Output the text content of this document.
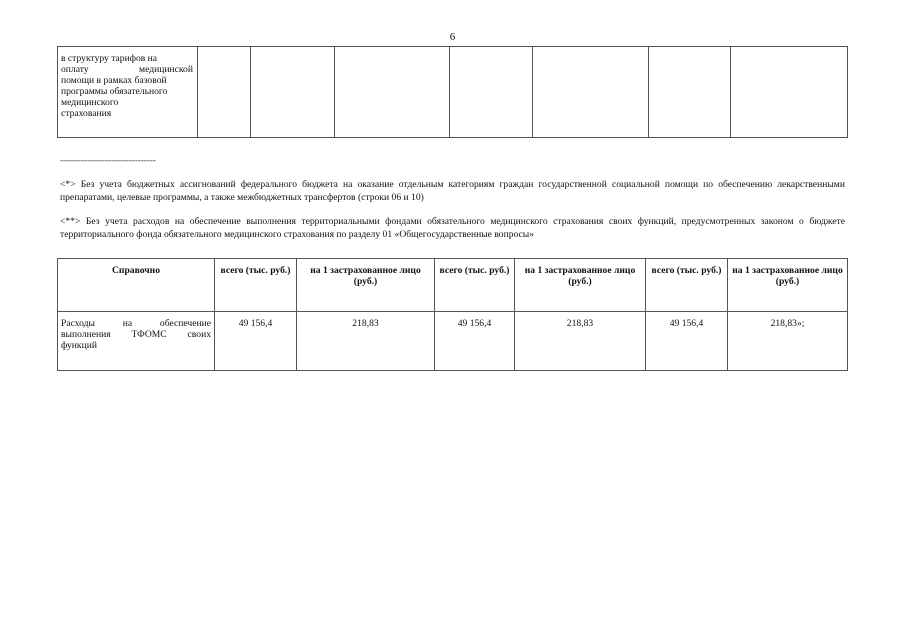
6
в структуру тарифов на
оплату медицинской
помощи в рамках базовой
программы обязательного
медицинского
страхования

--------------------------------
<*> Без учета бюджетных ассигнований федерального бюджета на оказание отдельным категориям граждан государственной социальной помощи по обеспечению лекарственными препаратами, целевые программы, а также межбюджетных трансфертов (строки 06 и 10)
<**> Без учета расходов на обеспечение выполнения территориальными фондами обязательного медицинского страхования своих функций, предусмотренных законом о бюджете территориального фонда обязательного медицинского страхования по разделу 01 «Общегосударственные вопросы»
Справочно	всего (тыс. руб.)	на 1 застрахованное лицо (руб.)	всего (тыс. руб.)	на 1 застрахованное лицо (руб.)	всего (тыс. руб.)	на 1 застрахованное лицо (руб.)
Расходы на обеспечение выполнения ТФОМС своих функций	49 156,4	218,83	49 156,4	218,83	49 156,4	218,83»;
